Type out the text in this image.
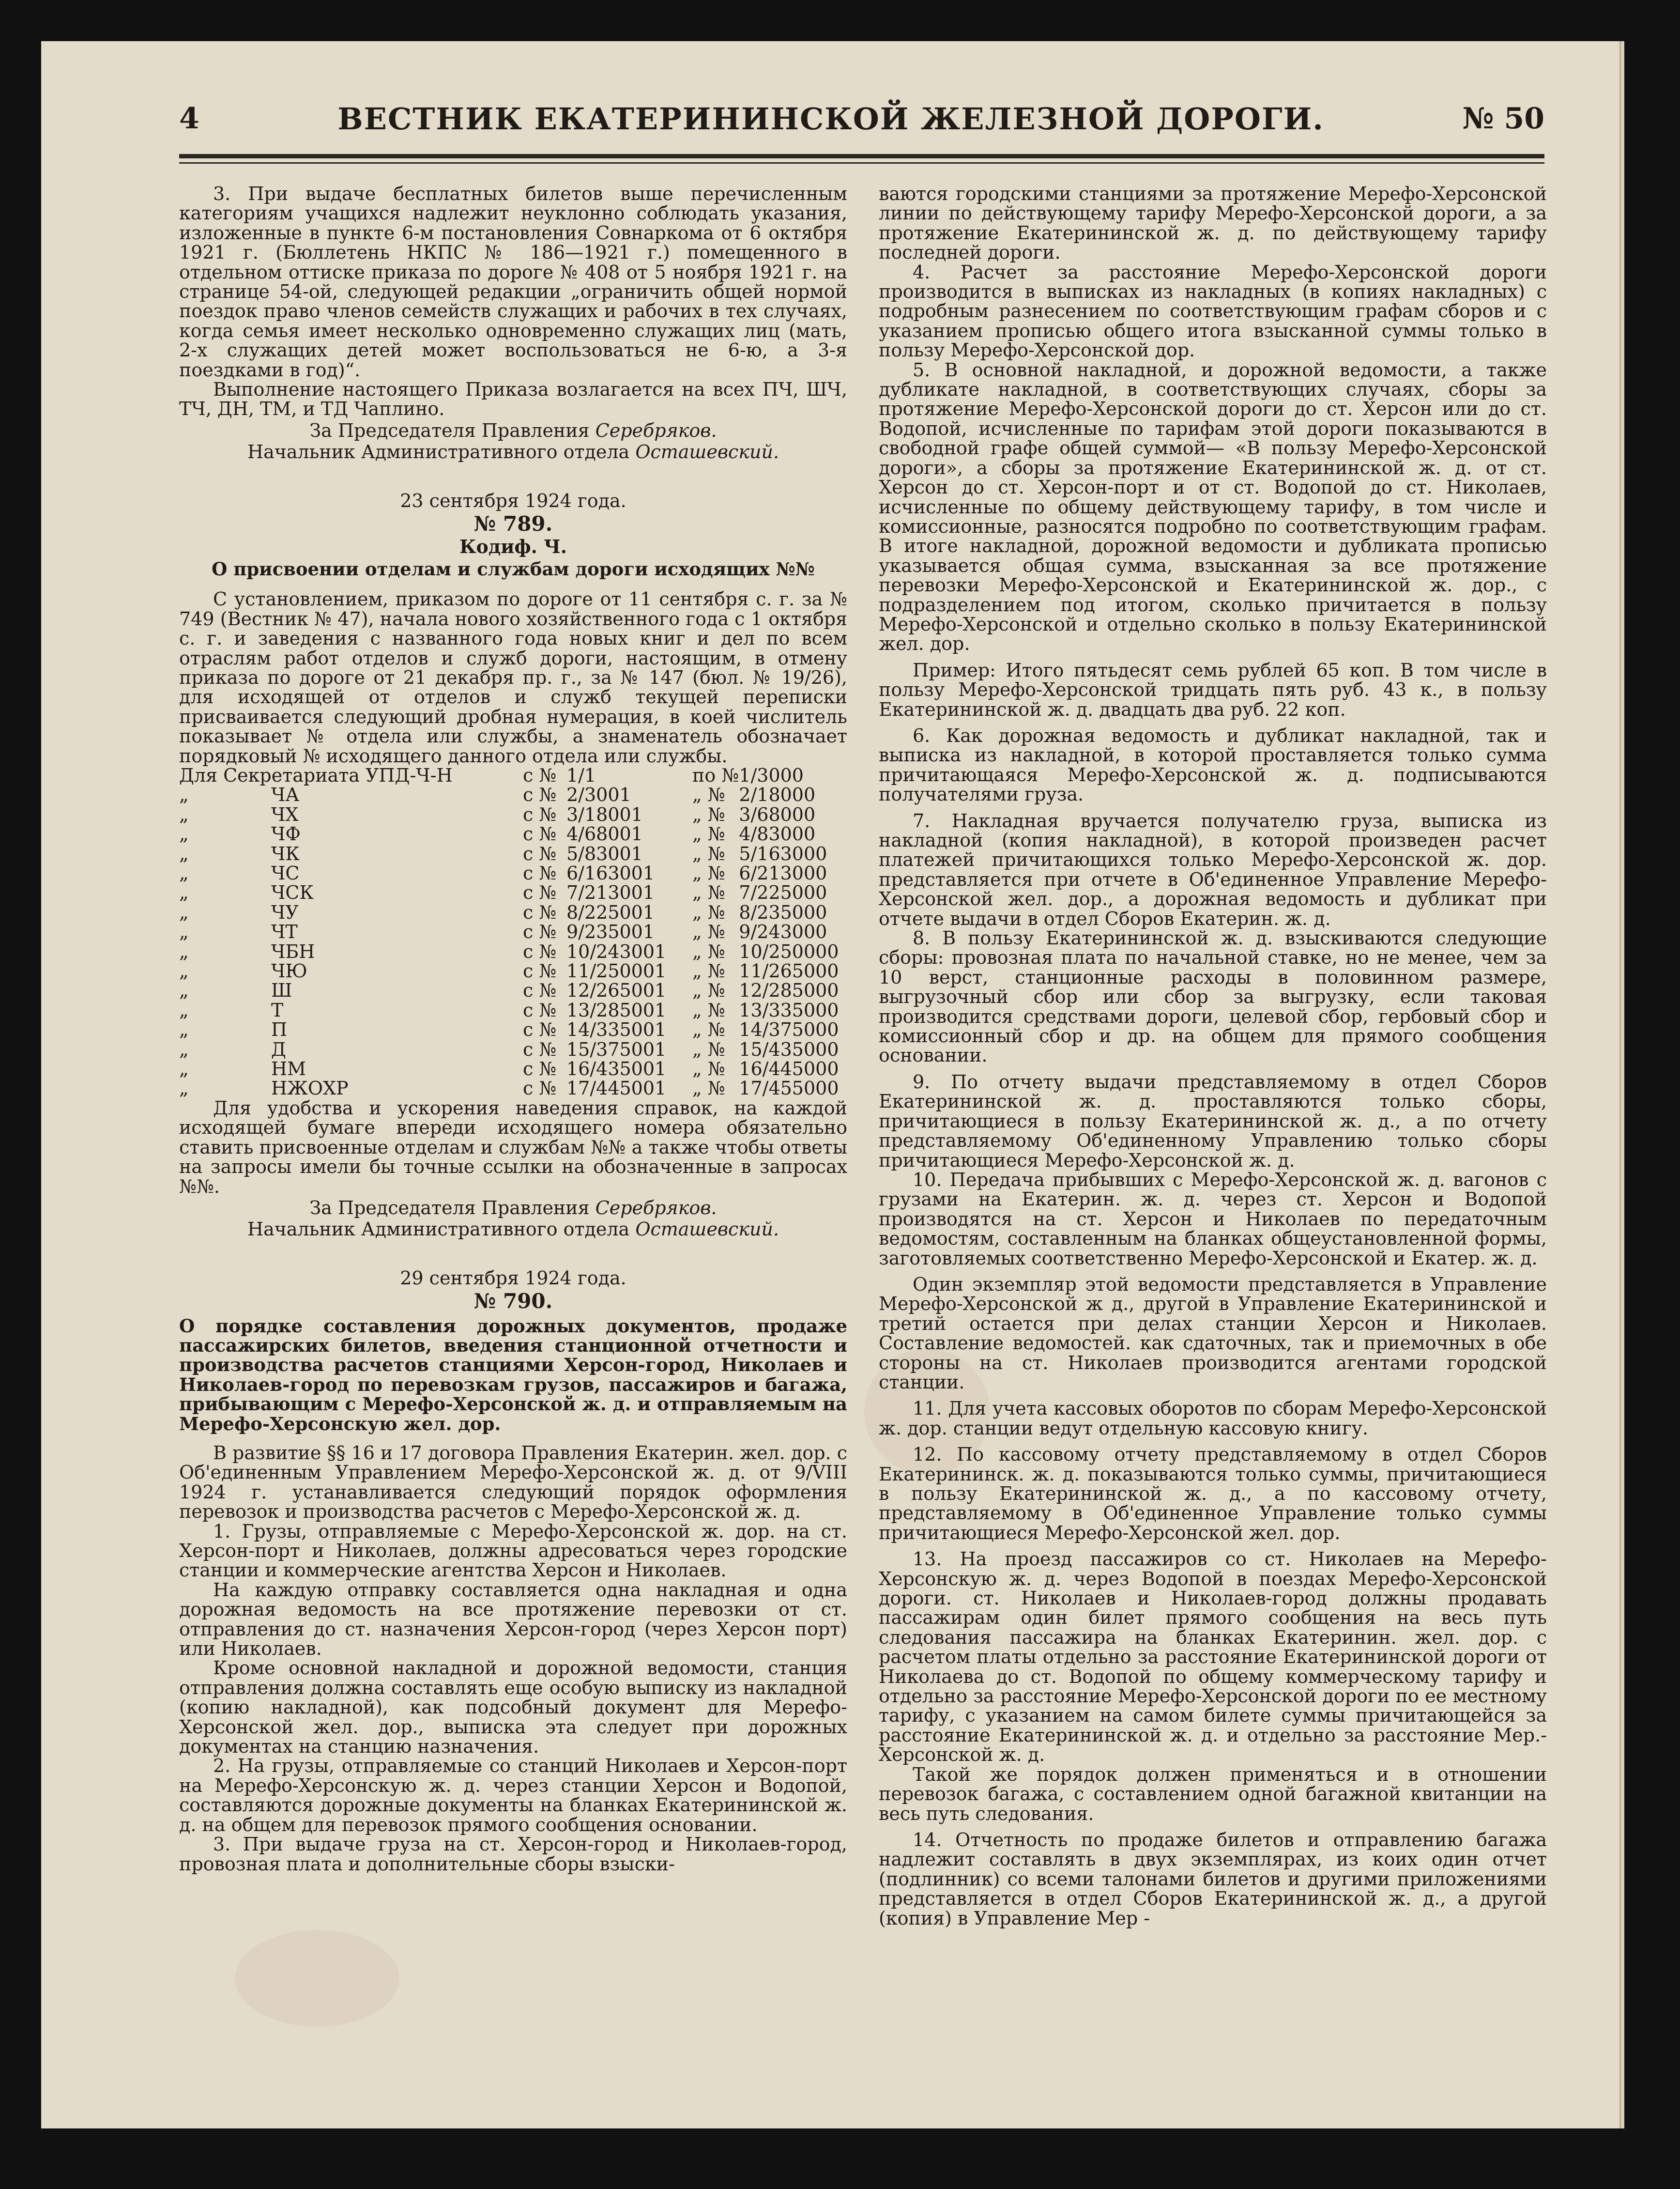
4	ВЕСТНИК ЕКАТЕРИНИНСКОЙ ЖЕЛЕЗНОЙ ДОРОГИ.	№ 50

3. При выдаче бесплатных билетов выше перечисленным категориям учащихся надлежит неуклонно соблюдать указания, изложенные в пункте 6-м постановления Совнаркома от 6 октября 1921 г. (Бюллетень НКПС № 186—1921 г.) помещенного в отдельном оттиске приказа по дороге № 408 от 5 ноября 1921 г. на странице 54-ой, следующей редакции „ограничить общей нормой поездок право членов семейств служащих и рабочих в тех случаях, когда семья имеет несколько одновременно служащих лиц (мать, 2-х служащих детей может воспользоваться не 6-ю, а 3-я поездками в год)“.

Выполнение настоящего Приказа возлагается на всех ПЧ, ШЧ, ТЧ, ДН, ТМ, и ТД Чаплино.

За Председателя Правления Серебряков.

Начальник Административного отдела Осташевский.

23 сентября 1924 года.

№ 789.

Кодиф. Ч.

О присвоении отделам и службам дороги исходящих №№

С установлением, приказом по дороге от 11 сентября с. г. за № 749 (Вестник № 47), начала нового хозяйственного года с 1 октября с. г. и заведения с названного года новых книг и дел по всем отраслям работ отделов и служб дороги, настоящим, в отмену приказа по дороге от 21 декабря пр. г., за № 147 (бюл. № 19/26), для исходящей от отделов и служб текущей переписки присваивается следующий дробная нумерация, в коей числитель показывает № отдела или службы, а знаменатель обозначает порядковый № исходящего данного отдела или службы.

Для Секретариата УПД-Ч-Н		с №	1/1	по №	1/3000
„	ЧА	с №	2/3001	„ №	2/18000
„	ЧХ	с №	3/18001	„ №	3/68000
„	ЧФ	с №	4/68001	„ №	4/83000
„	ЧК	с №	5/83001	„ №	5/163000
„	ЧС	с №	6/163001	„ №	6/213000
„	ЧСК	с №	7/213001	„ №	7/225000
„	ЧУ	с №	8/225001	„ №	8/235000
„	ЧТ	с №	9/235001	„ №	9/243000
„	ЧБН	с №	10/243001	„ №	10/250000
„	ЧЮ	с №	11/250001	„ №	11/265000
„	Ш	с №	12/265001	„ №	12/285000
„	Т	с №	13/285001	„ №	13/335000
„	П	с №	14/335001	„ №	14/375000
„	Д	с №	15/375001	„ №	15/435000
„	НМ	с №	16/435001	„ №	16/445000
„	НЖОХР	с №	17/445001	„ №	17/455000

Для удобства и ускорения наведения справок, на каждой исходящей бумаге впереди исходящего номера обязательно ставить присвоенные отделам и службам №№ а также чтобы ответы на запросы имели бы точные ссылки на обозначенные в запросах №№.

За Председателя Правления Серебряков.

Начальник Административного отдела Осташевский.

29 сентября 1924 года.

№ 790.

О порядке составления дорожных документов, продаже пассажирских билетов, введения станционной отчетности и производства расчетов станциями Херсон-город, Николаев и Николаев-город по перевозкам грузов, пассажиров и багажа, прибывающим с Мерефо-Херсонской ж. д. и отправляемым на Мерефо-Херсонскую жел. дор.

В развитие §§ 16 и 17 договора Правления Екатерин. жел. дор. с Об'единенным Управлением Мерефо-Херсонской ж. д. от 9/VIII 1924 г. устанавливается следующий порядок оформления перевозок и производства расчетов с Мерефо-Херсонской ж. д.

1. Грузы, отправляемые с Мерефо-Херсонской ж. дор. на ст. Херсон-порт и Николаев, должны адресоваться через городские станции и коммерческие агентства Херсон и Николаев.

На каждую отправку составляется одна накладная и одна дорожная ведомость на все протяжение перевозки от ст. отправления до ст. назначения Херсон-город (через Херсон порт) или Николаев.

Кроме основной накладной и дорожной ведомости, станция отправления должна составлять еще особую выписку из накладной (копию накладной), как подсобный документ для Мерефо-Херсонской жел. дор., выписка эта следует при дорожных документах на станцию назначения.

2. На грузы, отправляемые со станций Николаев и Херсон-порт на Мерефо-Херсонскую ж. д. через станции Херсон и Водопой, составляются дорожные документы на бланках Екатерининской ж. д. на общем для перевозок прямого сообщения основании.

3. При выдаче груза на ст. Херсон-город и Николаев-город, провозная плата и дополнительные сборы взыски-

ваются городскими станциями за протяжение Мерефо-Херсонской линии по действующему тарифу Мерефо-Херсонской дороги, а за протяжение Екатерининской ж. д. по действующему тарифу последней дороги.

4. Расчет за расстояние Мерефо-Херсонской дороги производится в выписках из накладных (в копиях накладных) с подробным разнесением по соответствующим графам сборов и с указанием прописью общего итога взысканной суммы только в пользу Мерефо-Херсонской дор.

5. В основной накладной, и дорожной ведомости, а также дубликате накладной, в соответствующих случаях, сборы за протяжение Мерефо-Херсонской дороги до ст. Херсон или до ст. Водопой, исчисленные по тарифам этой дороги показываются в свободной графе общей суммой— «В пользу Мерефо-Херсонской дороги», а сборы за протяжение Екатерининской ж. д. от ст. Херсон до ст. Херсон-порт и от ст. Водопой до ст. Николаев, исчисленные по общему действующему тарифу, в том числе и комиссионные, разносятся подробно по соответствующим графам. В итоге накладной, дорожной ведомости и дубликата прописью указывается общая сумма, взысканная за все протяжение перевозки Мерефо-Херсонской и Екатерининской ж. дор., с подразделением под итогом, сколько причитается в пользу Мерефо-Херсонской и отдельно сколько в пользу Екатерининской жел. дор.

Пример: Итого пятьдесят семь рублей 65 коп. В том числе в пользу Мерефо-Херсонской тридцать пять руб. 43 к., в пользу Екатерининской ж. д. двадцать два руб. 22 коп.

6. Как дорожная ведомость и дубликат накладной, так и выписка из накладной, в которой проставляется только сумма причитающаяся Мерефо-Херсонской ж. д. подписываются получателями груза.

7. Накладная вручается получателю груза, выписка из накладной (копия накладной), в которой произведен расчет платежей причитающихся только Мерефо-Херсонской ж. дор. представляется при отчете в Об'единенное Управление Мерефо-Херсонской жел. дор., а дорожная ведомость и дубликат при отчете выдачи в отдел Сборов Екатерин. ж. д.

8. В пользу Екатерининской ж. д. взыскиваются следующие сборы: провозная плата по начальной ставке, но не менее, чем за 10 верст, станционные расходы в половинном размере, выгрузочный сбор или сбор за выгрузку, если таковая производится средствами дороги, целевой сбор, гербовый сбор и комиссионный сбор и др. на общем для прямого сообщения основании.

9. По отчету выдачи представляемому в отдел Сборов Екатерининской ж. д. проставляются только сборы, причитающиеся в пользу Екатерининской ж. д., а по отчету представляемому Об'единенному Управлению только сборы причитающиеся Мерефо-Херсонской ж. д.

10. Передача прибывших с Мерефо-Херсонской ж. д. вагонов с грузами на Екатерин. ж. д. через ст. Херсон и Водопой производятся на ст. Херсон и Николаев по передаточным ведомостям, составленным на бланках общеустановленной формы, заготовляемых соответственно Мерефо-Херсонской и Екатер. ж. д.

Один экземпляр этой ведомости представляется в Управление Мерефо-Херсонской ж д., другой в Управление Екатерининской и третий остается при делах станции Херсон и Николаев. Составление ведомостей. как сдаточных, так и приемочных в обе стороны на ст. Николаев производится агентами городской станции.

11. Для учета кассовых оборотов по сборам Мерефо-Херсонской ж. дор. станции ведут отдельную кассовую книгу.

12. По кассовому отчету представляемому в отдел Сборов Екатерининск. ж. д. показываются только суммы, причитающиеся в пользу Екатерининской ж. д., а по кассовому отчету, представляемому в Об'единенное Управление только суммы причитающиеся Мерефо-Херсонской жел. дор.

13. На проезд пассажиров со ст. Николаев на Мерефо-Херсонскую ж. д. через Водопой в поездах Мерефо-Херсонской дороги. ст. Николаев и Николаев-город должны продавать пассажирам один билет прямого сообщения на весь путь следования пассажира на бланках Екатеринин. жел. дор. с расчетом платы отдельно за расстояние Екатерининской дороги от Николаева до ст. Водопой по общему коммерческому тарифу и отдельно за расстояние Мерефо-Херсонской дороги по ее местному тарифу, с указанием на самом билете суммы причитающейся за расстояние Екатерининской ж. д. и отдельно за расстояние Мер.-Херсонской ж. д.

Такой же порядок должен применяться и в отношении перевозок багажа, с составлением одной багажной квитанции на весь путь следования.

14. Отчетность по продаже билетов и отправлению багажа надлежит составлять в двух экземплярах, из коих один отчет (подлинник) со всеми талонами билетов и другими приложениями представляется в отдел Сборов Екатерининской ж. д., а другой (копия) в Управление Мер -
